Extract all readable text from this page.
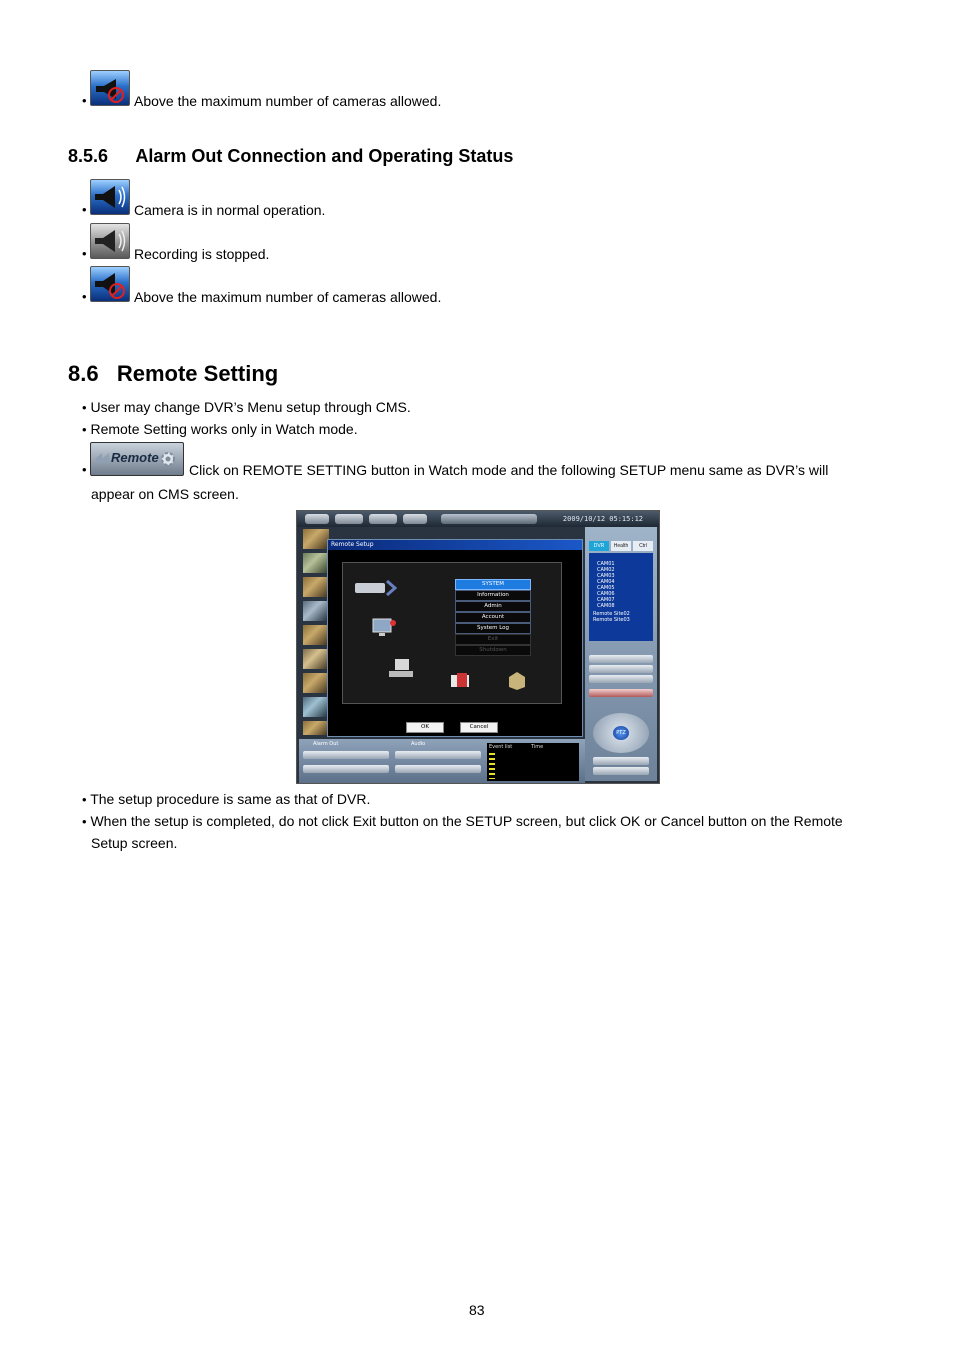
•	Above the maximum number of cameras allowed.
8.5.6 Alarm Out Connection and Operating Status
•	Camera is in normal operation.
•	Recording is stopped.
•	Above the maximum number of cameras allowed.
8.6 Remote Setting
• User may change DVR’s Menu setup through CMS.
• Remote Setting works only in Watch mode.
•
Remote
Click on REMOTE SETTING button in Watch mode and the following SETUP menu same as DVR’s will
appear on CMS screen.
2009/10/12 05:15:12
Remote Setup
SYSTEM
Information
Admin
Account
System Log
Exit
Shutdown
OK	Cancel
DVR	Health	Ctrl
CAM01
CAM02
CAM03
CAM04
CAM05
CAM06
CAM07
CAM08
Remote Site02
Remote Site03
PTZ
Alarm Out	Audio	Event list	Time
• The setup procedure is same as that of DVR.
• When the setup is completed, do not click Exit button on the SETUP screen, but click OK or Cancel button on the Remote
Setup screen.
83
